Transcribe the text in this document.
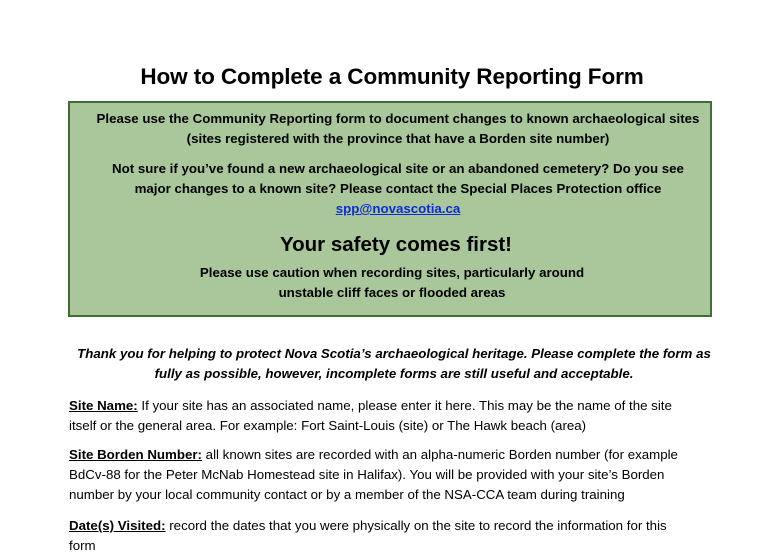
How to Complete a Community Reporting Form
Please use the Community Reporting form to document changes to known archaeological sites
(sites registered with the province that have a Borden site number)
Not sure if you’ve found a new archaeological site or an abandoned cemetery? Do you see
major changes to a known site? Please contact the Special Places Protection office
spp@novascotia.ca
Your safety comes first!
Please use caution when recording sites, particularly around
unstable cliff faces or flooded areas
Thank you for helping to protect Nova Scotia’s archaeological heritage. Please complete the form as
fully as possible, however, incomplete forms are still useful and acceptable.
Site Name: If your site has an associated name, please enter it here. This may be the name of the site
itself or the general area. For example: Fort Saint-Louis (site) or The Hawk beach (area)
Site Borden Number: all known sites are recorded with an alpha-numeric Borden number (for example
BdCv-88 for the Peter McNab Homestead site in Halifax). You will be provided with your site’s Borden
number by your local community contact or by a member of the NSA-CCA team during training
Date(s) Visited: record the dates that you were physically on the site to record the information for this
form
